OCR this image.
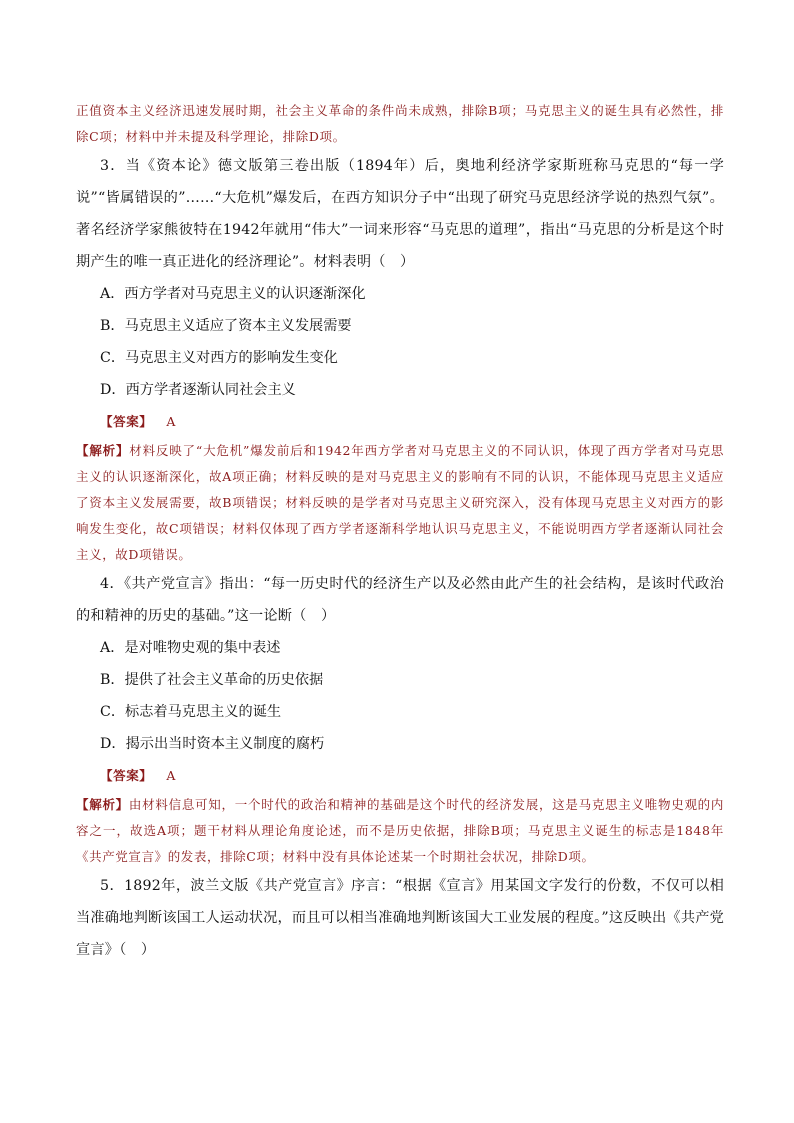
正值资本主义经济迅速发展时期，社会主义革命的条件尚未成熟，排除B项；马克思主义的诞生具有必然性，排除C项；材料中并未提及科学理论，排除D项。
3．当《资本论》德文版第三卷出版（1894年）后，奥地利经济学家斯班称马克思的“每一学说”“皆属错误的”……“大危机”爆发后，在西方知识分子中“出现了研究马克思经济学说的热烈气氛”。著名经济学家熊彼特在1942年就用“伟大”一词来形容“马克思的道理”，指出“马克思的分析是这个时期产生的唯一真正进化的经济理论”。材料表明（　）
A．西方学者对马克思主义的认识逐渐深化
B．马克思主义适应了资本主义发展需要
C．马克思主义对西方的影响发生变化
D．西方学者逐渐认同社会主义
【答案】 A
【解析】材料反映了“大危机”爆发前后和1942年西方学者对马克思主义的不同认识，体现了西方学者对马克思主义的认识逐渐深化，故A项正确；材料反映的是对马克思主义的影响有不同的认识，不能体现马克思主义适应了资本主义发展需要，故B项错误；材料反映的是学者对马克思主义研究深入，没有体现马克思主义对西方的影响发生变化，故C项错误；材料仅体现了西方学者逐渐科学地认识马克思主义，不能说明西方学者逐渐认同社会主义，故D项错误。
4．《共产党宣言》指出：“每一历史时代的经济生产以及必然由此产生的社会结构，是该时代政治的和精神的历史的基础。”这一论断（　）
A．是对唯物史观的集中表述
B．提供了社会主义革命的历史依据
C．标志着马克思主义的诞生
D．揭示出当时资本主义制度的腐朽
【答案】 A
【解析】由材料信息可知，一个时代的政治和精神的基础是这个时代的经济发展，这是马克思主义唯物史观的内容之一，故选A项；题干材料从理论角度论述，而不是历史依据，排除B项；马克思主义诞生的标志是1848年《共产党宣言》的发表，排除C项；材料中没有具体论述某一个时期社会状况，排除D项。
5．1892年，波兰文版《共产党宣言》序言：“根据《宣言》用某国文字发行的份数，不仅可以相当准确地判断该国工人运动状况，而且可以相当准确地判断该国大工业发展的程度。”这反映出《共产党宣言》（　）
